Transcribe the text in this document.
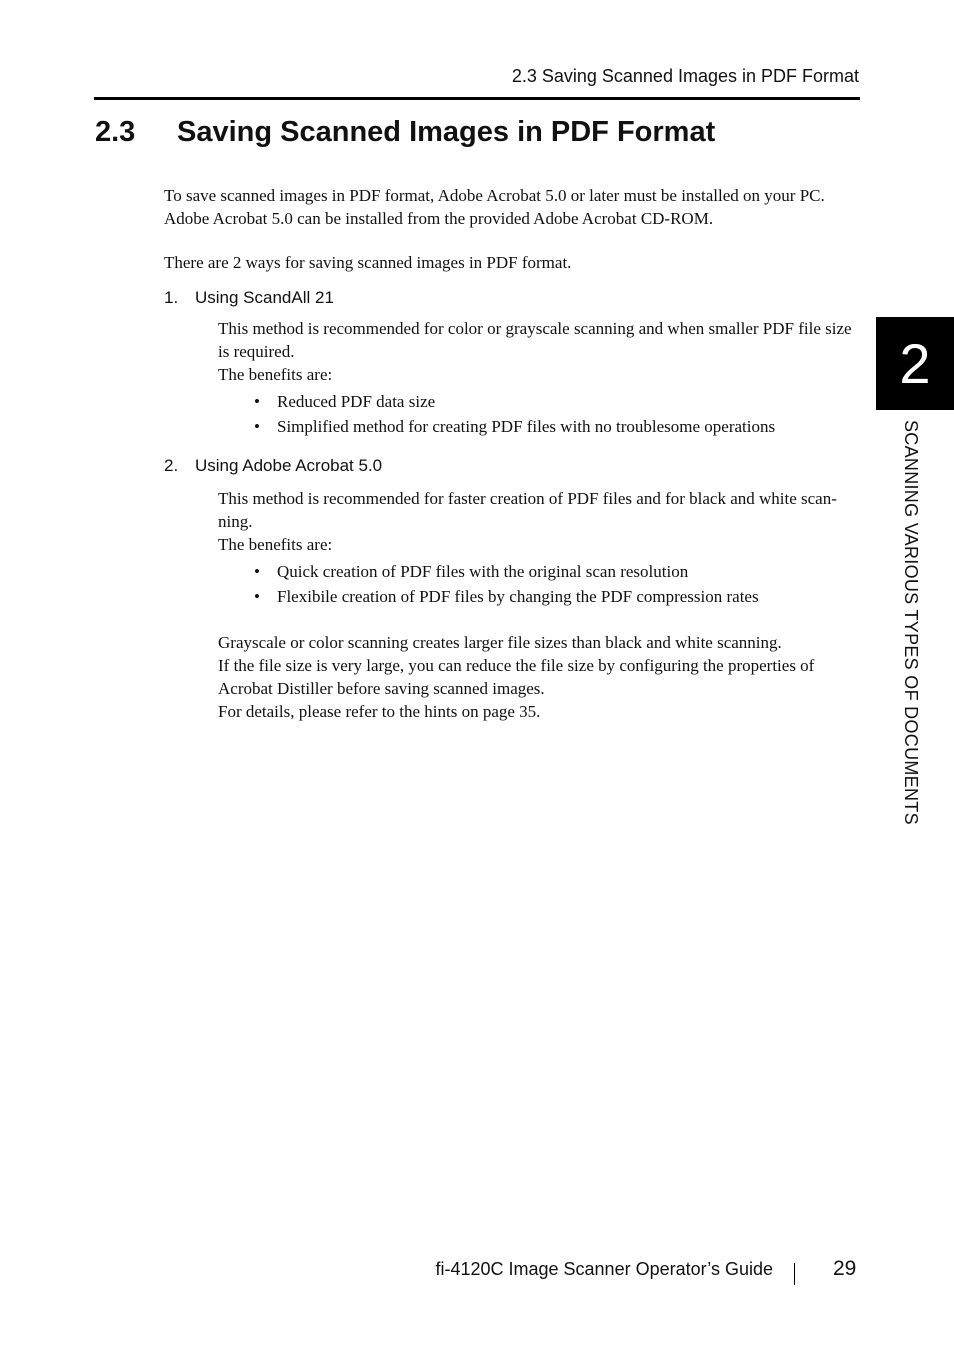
2.3 Saving Scanned Images in PDF Format
2.3 Saving Scanned Images in PDF Format
To save scanned images in PDF format, Adobe Acrobat 5.0 or later must be installed on your PC.
Adobe Acrobat 5.0 can be installed from the provided Adobe Acrobat CD-ROM.
There are 2 ways for saving scanned images in PDF format.
1. Using ScandAll 21

This method is recommended for color or grayscale scanning and when smaller PDF file size is required.

The benefits are:

• Reduced PDF data size
• Simplified method for creating PDF files with no troublesome operations
2. Using Adobe Acrobat 5.0

This method is recommended for faster creation of PDF files and for black and white scan-ning.

The benefits are:

• Quick creation of PDF files with the original scan resolution
• Flexibile creation of PDF files by changing the PDF compression rates

Grayscale or color scanning creates larger file sizes than black and white scanning.

If the file size is very large, you can reduce the file size by configuring the properties of Acrobat Distiller before saving scanned images.

For details, please refer to the hints on page 35.

2
SCANNING VARIOUS TYPES OF DOCUMENTS
fi-4120C Image Scanner Operator’s Guide	29
